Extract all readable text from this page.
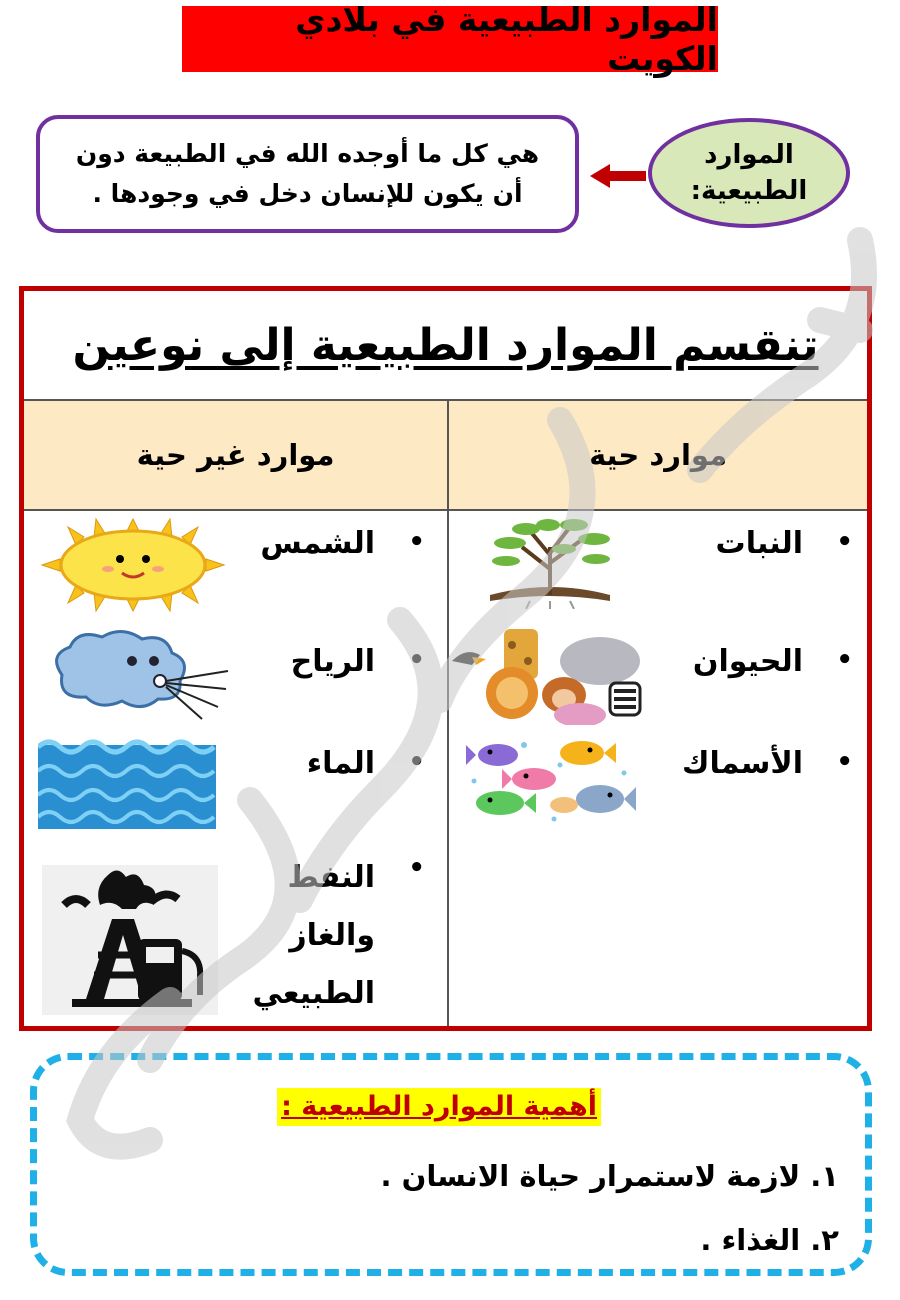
الموارد الطبيعية في بلادي الكويت
الموارد الطبيعية:
هي كل ما أوجده الله في الطبيعة دون أن يكون للإنسان دخل في وجودها .
تنقسم الموارد الطبيعية إلى نوعين
موارد حية
موارد غير حية
•
النبات
•
الحيوان
•
الأسماك
•
الشمس
•
الرياح
•
الماء
•
النفط والغاز الطبيعي
أهمية الموارد الطبيعية :
١. لازمة لاستمرار حياة الانسان .
٢. الغذاء .
